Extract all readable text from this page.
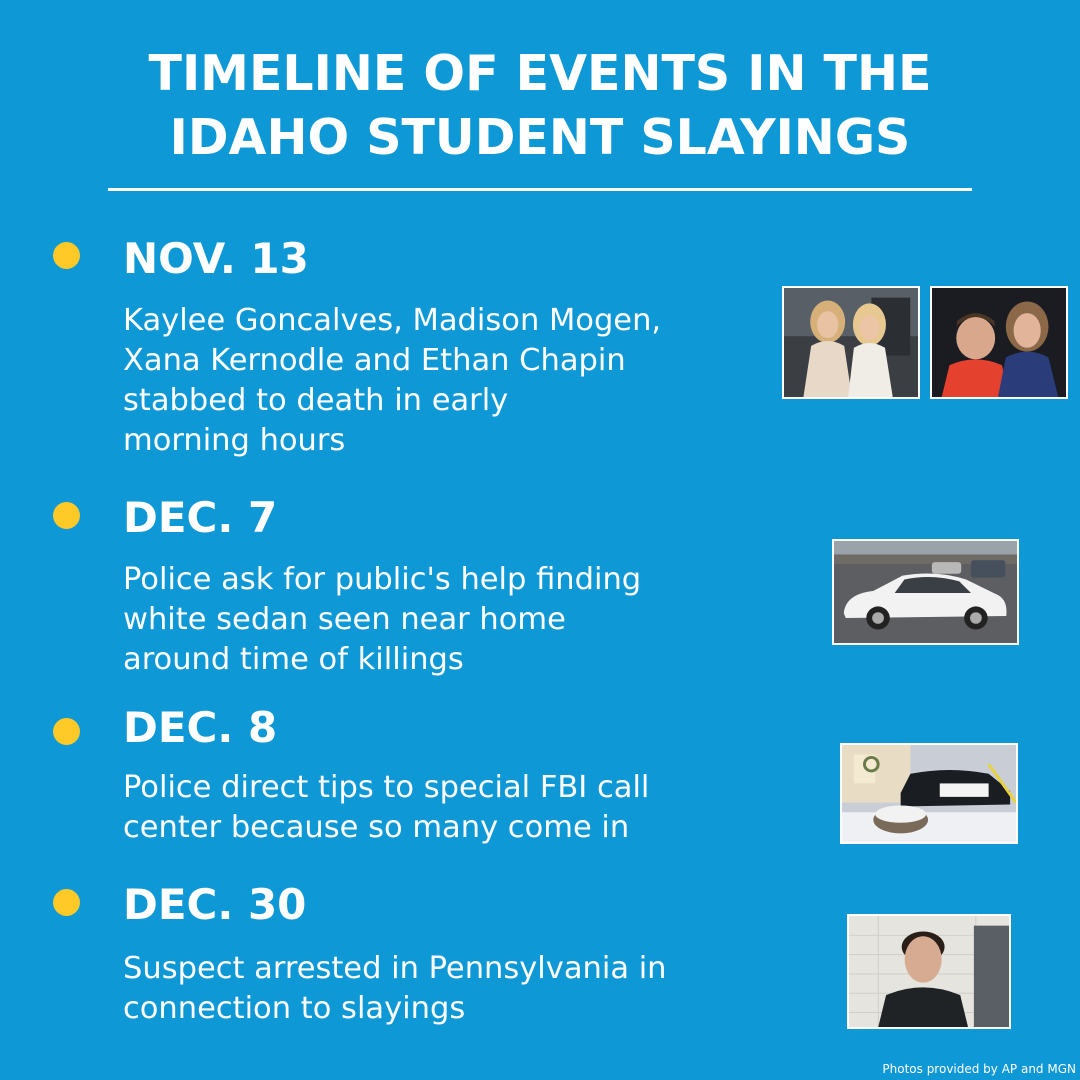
TIMELINE OF EVENTS IN THE
IDAHO STUDENT SLAYINGS
NOV. 13
Kaylee Goncalves, Madison Mogen,
Xana Kernodle and Ethan Chapin
stabbed to death in early
morning hours
DEC. 7
Police ask for public's help finding
white sedan seen near home
around time of killings
DEC. 8
Police direct tips to special FBI call
center because so many come in
DEC. 30
Suspect arrested in Pennsylvania in
connection to slayings
Photos provided by AP and MGN
